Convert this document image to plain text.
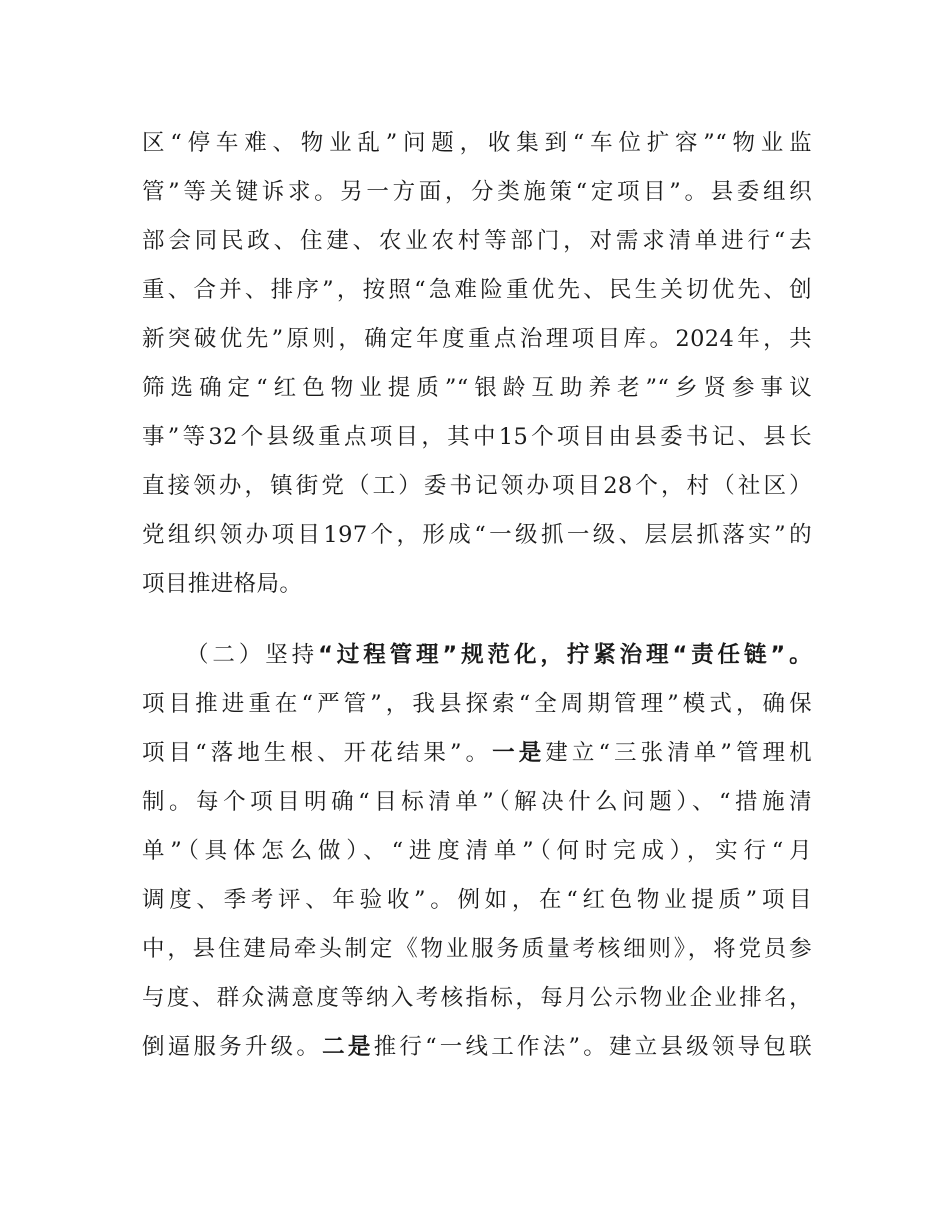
区“停车难、物业乱”问题，收集到“车位扩容”“物业监
管”等关键诉求。另一方面，分类施策“定项目”。县委组织
部会同民政、住建、农业农村等部门，对需求清单进行“去
重、合并、排序”，按照“急难险重优先、民生关切优先、创
新突破优先”原则，确定年度重点治理项目库。2024年，共
筛选确定“红色物业提质”“银龄互助养老”“乡贤参事议
事”等32个县级重点项目，其中15个项目由县委书记、县长
直接领办，镇街党（工）委书记领办项目28个，村（社区）
党组织领办项目197个，形成“一级抓一级、层层抓落实”的
项目推进格局。
（二）坚持“过程管理”规范化，拧紧治理“责任链”。
项目推进重在“严管”，我县探索“全周期管理”模式，确保
项目“落地生根、开花结果”。一是建立“三张清单”管理机
制。每个项目明确“目标清单”（解决什么问题）、“措施清
单”（具体怎么做）、“进度清单”（何时完成），实行“月
调度、季考评、年验收”。例如，在“红色物业提质”项目
中，县住建局牵头制定《物业服务质量考核细则》，将党员参
与度、群众满意度等纳入考核指标，每月公示物业企业排名，
倒逼服务升级。二是推行“一线工作法”。建立县级领导包联
